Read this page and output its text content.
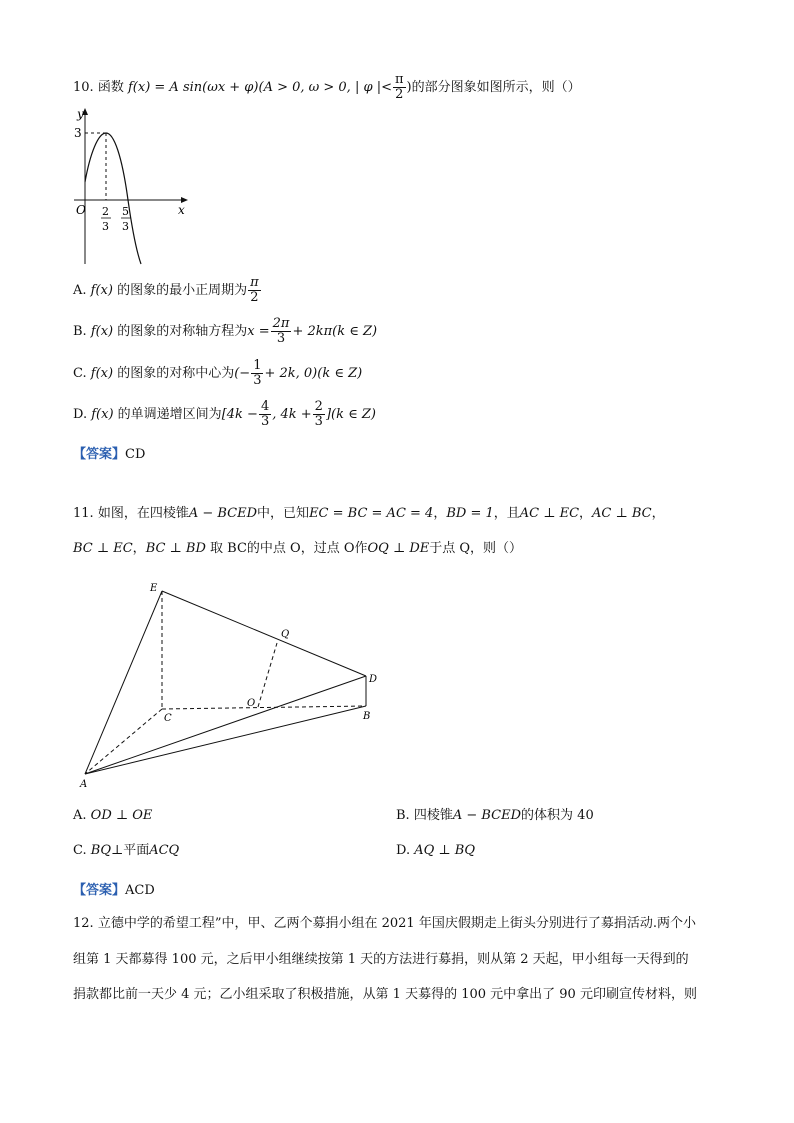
10. 函数 f(x) = A sin(ωx + φ)(A > 0, ω > 0, | φ |< $\frac{\pi}{2}$ )的部分图象如图所示，则（）
y
x
O
3
2
3
5
3
A. f(x) 的图象的最小正周期为 $\frac{\pi}{2}$
B. f(x) 的图象的对称轴方程为$x = \frac{2\pi}{3} + 2k\pi(k$ ∈ Z)
C. f(x) 的图象的对称中心为(− $\frac{1}{3} + 2k$, 0)(k ∈ Z)
D. f(x) 的单调递增区间为[$4k - \frac{4}{3}$ , $4k + \frac{2}{3} ](k$ ∈ Z)
【答案】CD
11. 如图，在四棱锥A − BCED中，已知EC = BC = AC = 4，BD = 1，且AC ⊥ EC，AC ⊥ BC，
BC ⊥ EC，BC ⊥ BD 取 BC的中点 O，过点 O作OQ ⊥ DE于点 Q，则（）
E
Q
D
C
O
B
A
A. OD ⊥ OE	B. 四棱锥A − BCED的体积为 40
C. BQ⊥平面ACQ	D. AQ ⊥ BQ
【答案】ACD
12. 立德中学的希望工程”中，甲、乙两个募捐小组在 2021 年国庆假期走上街头分别进行了募捐活动.两个小
组第 1 天都募得 100 元，之后甲小组继续按第 1 天的方法进行募捐，则从第 2 天起，甲小组每一天得到的
捐款都比前一天少 4 元；乙小组采取了积极措施，从第 1 天募得的 100 元中拿出了 90 元印刷宣传材料，则
